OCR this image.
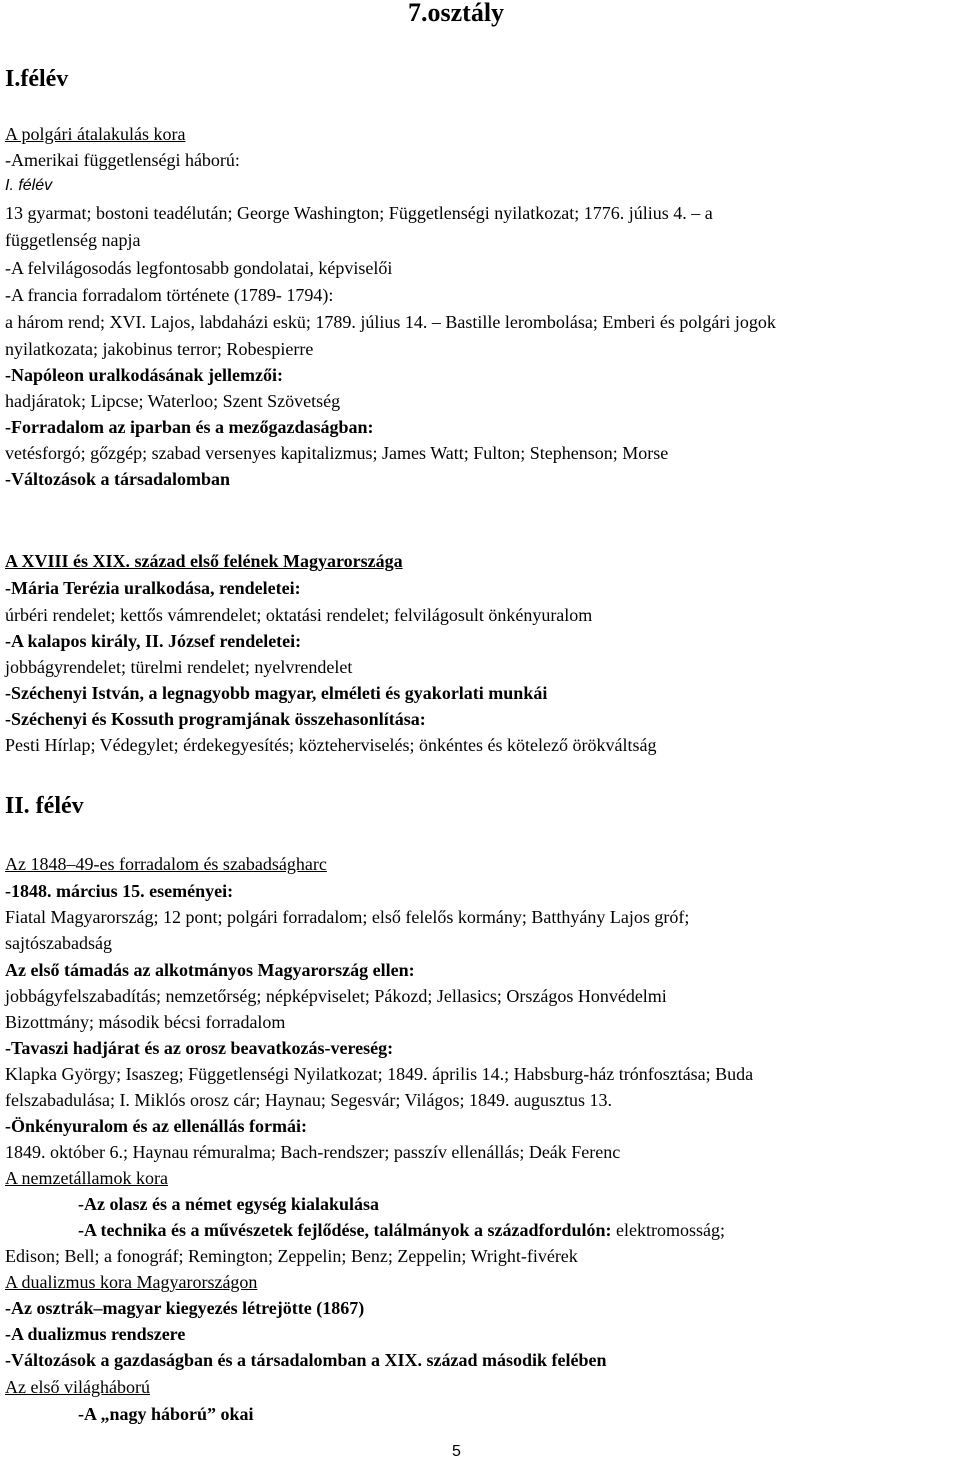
7.osztály
I.félév
A polgári átalakulás kora
-Amerikai függetlenségi háború:
I. félév
13 gyarmat; bostoni teadélután; George Washington; Függetlenségi nyilatkozat; 1776. július 4. – a
függetlenség napja
-A felvilágosodás legfontosabb gondolatai, képviselői
-A francia forradalom története (1789- 1794):
a három rend; XVI. Lajos, labdaházi eskü; 1789. július 14. – Bastille lerombolása; Emberi és polgári jogok
nyilatkozata; jakobinus terror; Robespierre
-Napóleon uralkodásának jellemzői:
hadjáratok; Lipcse; Waterloo; Szent Szövetség
-Forradalom az iparban és a mezőgazdaságban:
vetésforgó; gőzgép; szabad versenyes kapitalizmus; James Watt; Fulton; Stephenson; Morse
-Változások a társadalomban
A XVIII és XIX. század első felének Magyarországa
-Mária Terézia uralkodása, rendeletei:
úrbéri rendelet; kettős vámrendelet; oktatási rendelet; felvilágosult önkényuralom
-A kalapos király, II. József rendeletei:
jobbágyrendelet; türelmi rendelet; nyelvrendelet
-Széchenyi István, a legnagyobb magyar, elméleti és gyakorlati munkái
-Széchenyi és Kossuth programjának összehasonlítása:
Pesti Hírlap; Védegylet; érdekegyesítés; közteherviselés; önkéntes és kötelező örökváltság
II. félév
Az 1848–49-es forradalom és szabadságharc
-1848. március 15. eseményei:
Fiatal Magyarország; 12 pont; polgári forradalom; első felelős kormány; Batthyány Lajos gróf;
sajtószabadság
Az első támadás az alkotmányos Magyarország ellen:
jobbágyfelszabadítás; nemzetőrség; népképviselet; Pákozd; Jellasics; Országos Honvédelmi
Bizottmány; második bécsi forradalom
-Tavaszi hadjárat és az orosz beavatkozás-vereség:
Klapka György; Isaszeg; Függetlenségi Nyilatkozat; 1849. április 14.; Habsburg-ház trónfosztása; Buda
felszabadulása; I. Miklós orosz cár; Haynau; Segesvár; Világos; 1849. augusztus 13.
-Önkényuralom és az ellenállás formái:
1849. október 6.; Haynau rémuralma; Bach-rendszer; passzív ellenállás; Deák Ferenc
A nemzetállamok kora
-Az olasz és a német egység kialakulása
-A technika és a művészetek fejlődése, találmányok a századfordulón: elektromosság;
Edison; Bell; a fonográf; Remington; Zeppelin; Benz; Zeppelin; Wright-fivérek
A dualizmus kora Magyarországon
-Az osztrák–magyar kiegyezés létrejötte (1867)
-A dualizmus rendszere
-Változások a gazdaságban és a társadalomban a XIX. század második felében
Az első világháború
-A „nagy háború” okai
5
